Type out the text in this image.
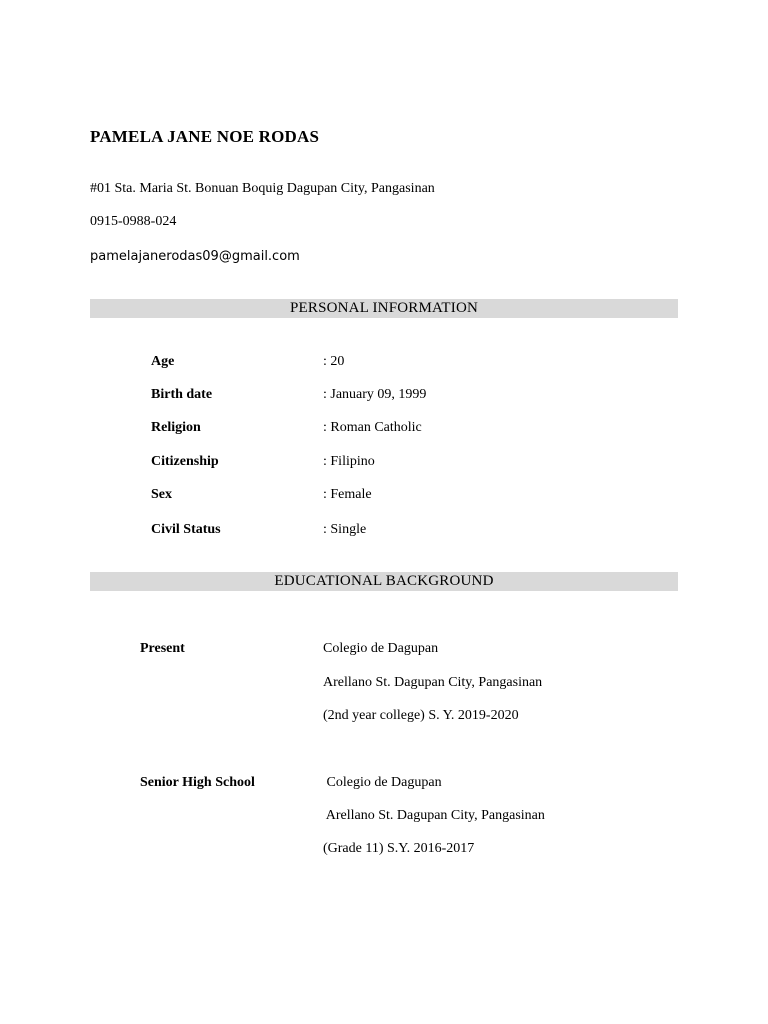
PAMELA JANE NOE RODAS
#01 Sta. Maria St. Bonuan Boquig Dagupan City, Pangasinan
0915-0988-024
pamelajanerodas09@gmail.com
PERSONAL INFORMATION
Age	: 20
Birth date	: January 09, 1999
Religion	: Roman Catholic
Citizenship	: Filipino
Sex	: Female
Civil Status	: Single
EDUCATIONAL BACKGROUND
Present	Colegio de Dagupan
Arellano St. Dagupan City, Pangasinan
(2nd year college) S. Y. 2019-2020
Senior High School	Colegio de Dagupan
Arellano St. Dagupan City, Pangasinan
(Grade 11) S.Y. 2016-2017
